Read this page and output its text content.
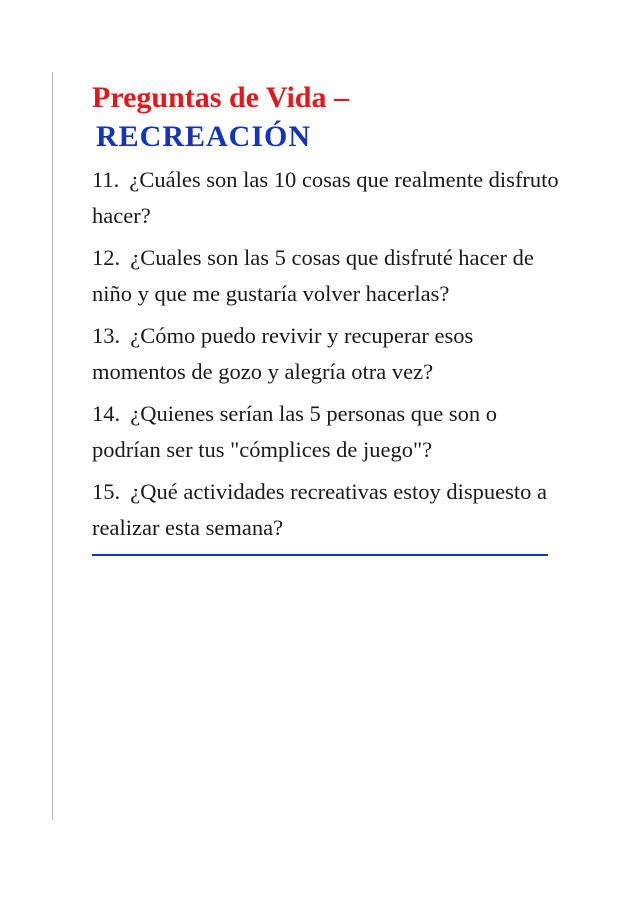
Preguntas de Vida –
RECREACIÓN
11. ¿Cuáles son las 10 cosas que realmente disfruto hacer?
12. ¿Cuales son las 5 cosas que disfruté hacer de niño y que me gustaría volver hacerlas?
13. ¿Cómo puedo revivir y recuperar esos momentos de gozo y alegría otra vez?
14. ¿Quienes serían las 5 personas que son o podrían ser tus "cómplices de juego"?
15. ¿Qué actividades recreativas estoy dispuesto a realizar esta semana?
